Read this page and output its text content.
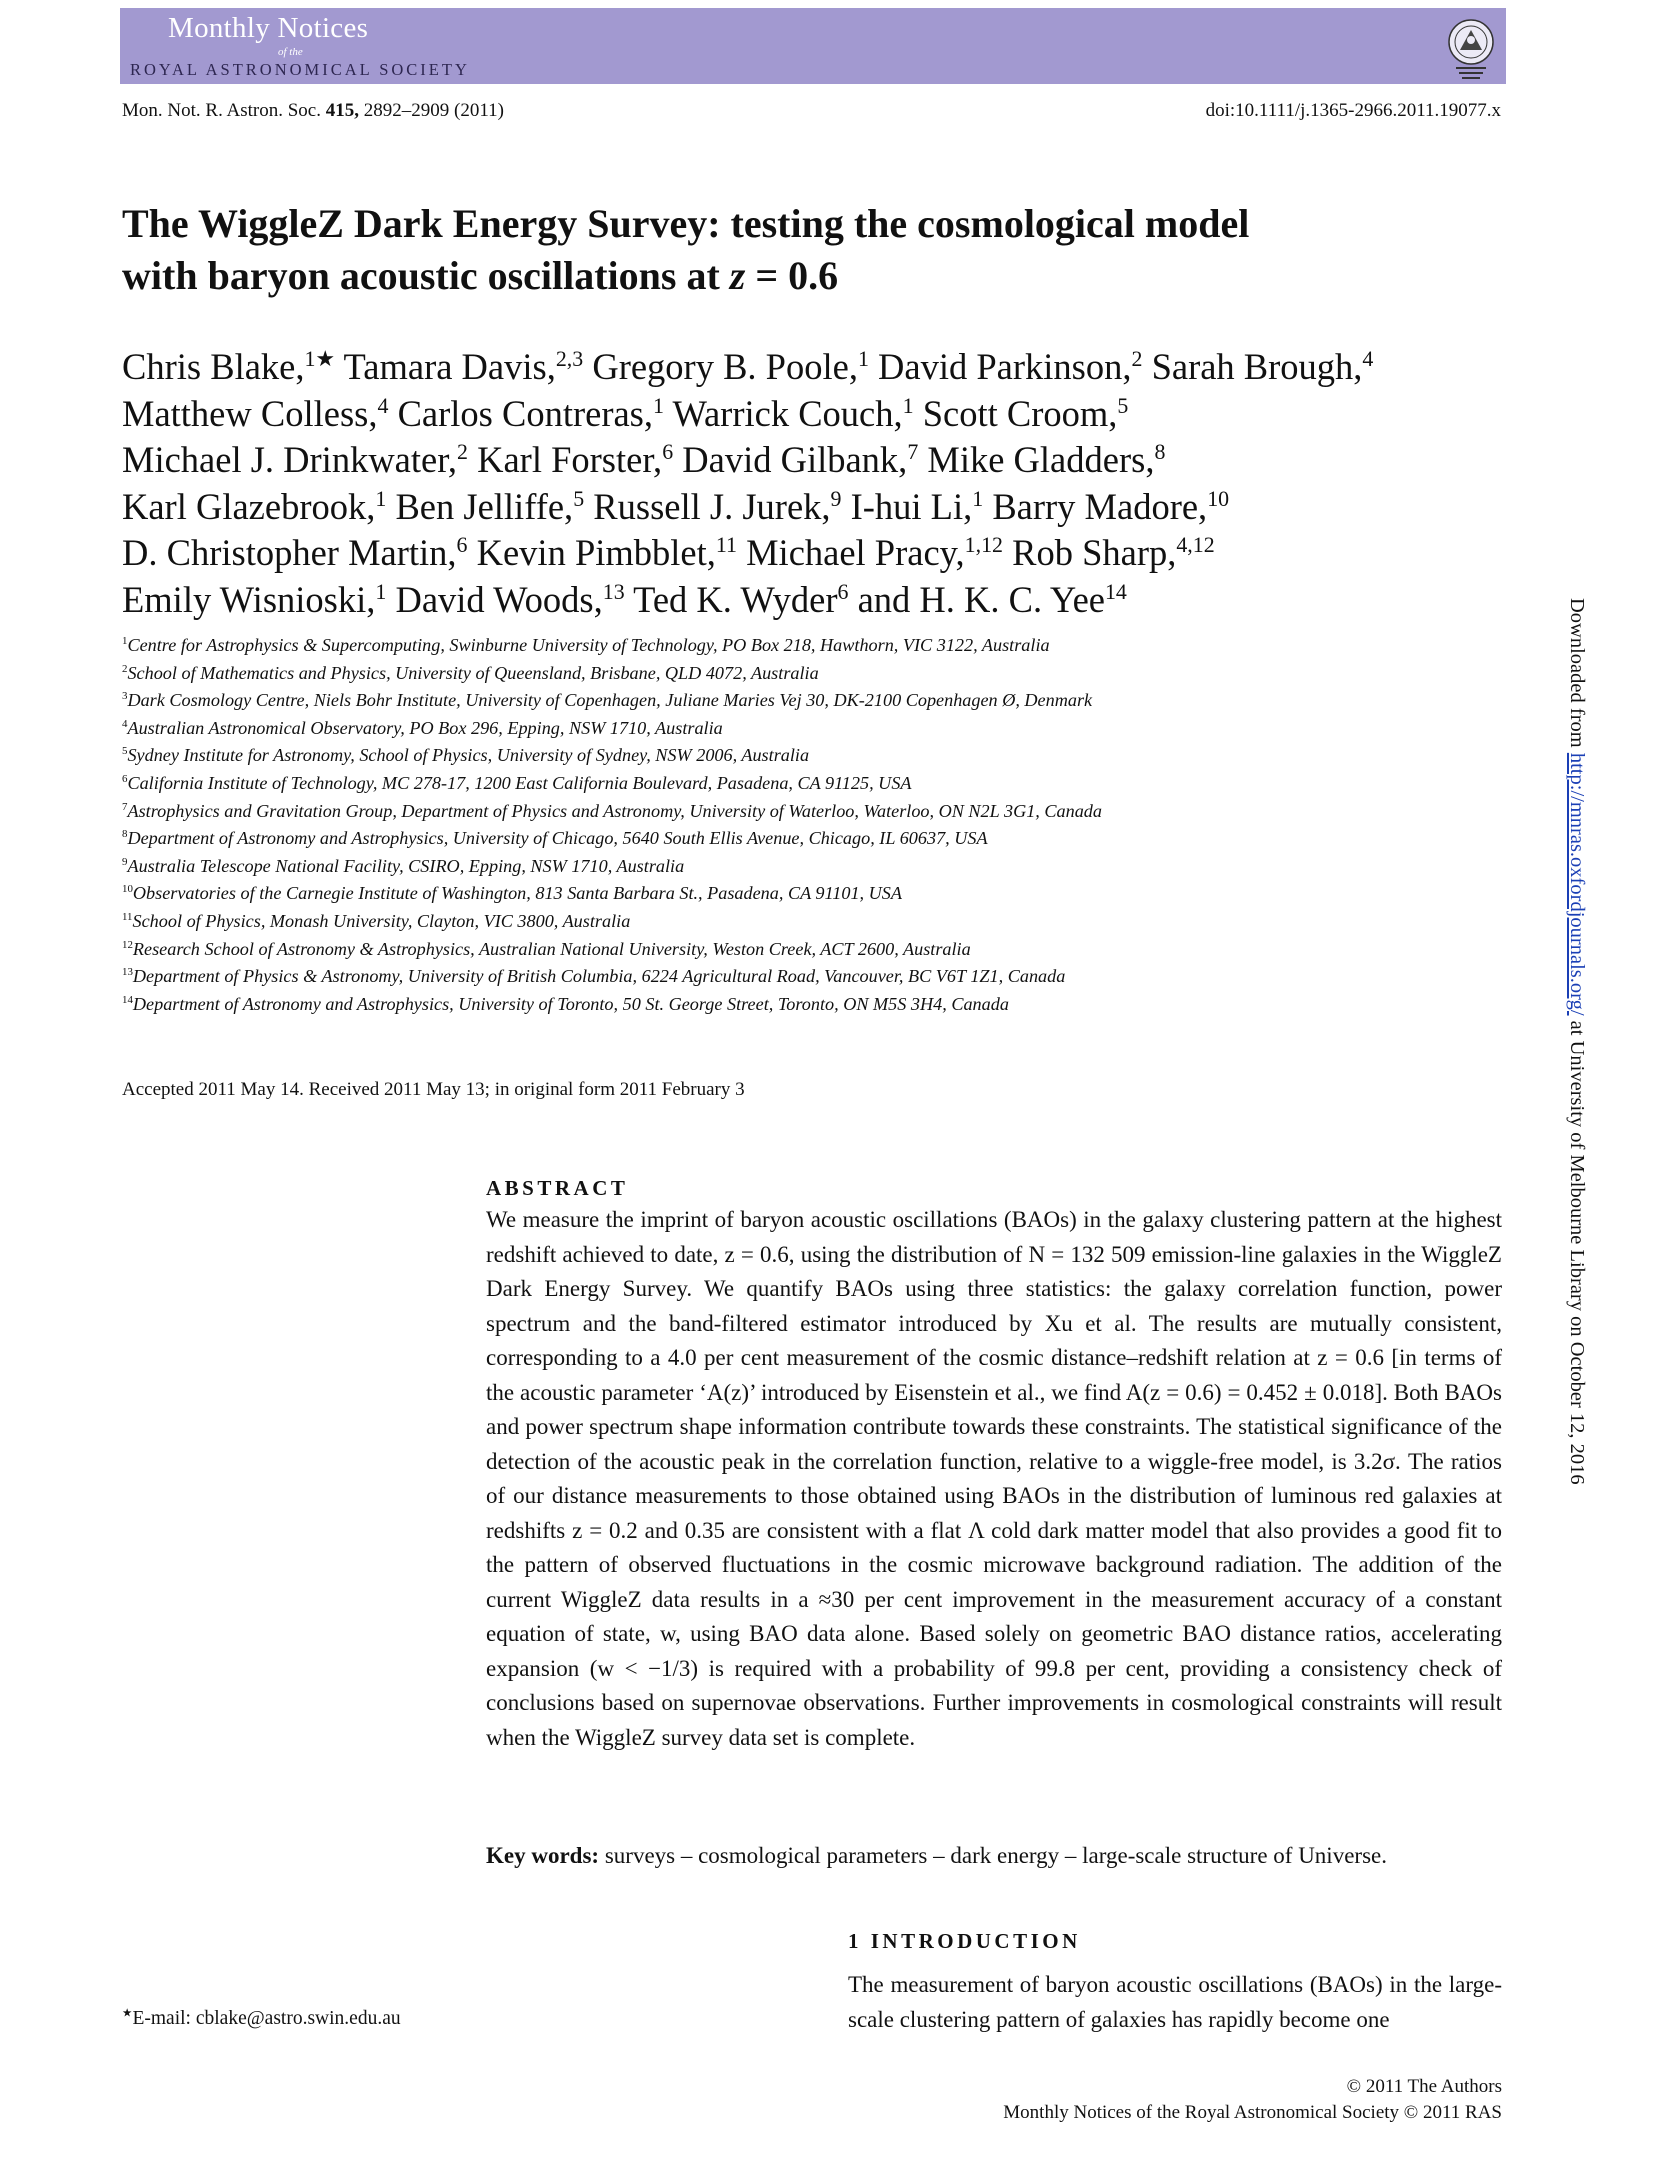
Monthly Notices
of the
ROYAL ASTRONOMICAL SOCIETY
Mon. Not. R. Astron. Soc. 415, 2892–2909 (2011)	doi:10.1111/j.1365-2966.2011.19077.x
The WiggleZ Dark Energy Survey: testing the cosmological model
with baryon acoustic oscillations at z = 0.6
Chris Blake,$^{1★}$ Tamara Davis,$^{2,3}$ Gregory B. Poole,$^1$ David Parkinson,$^2$ Sarah Brough,$^4$
Matthew Colless,$^4$ Carlos Contreras,$^1$ Warrick Couch,$^1$ Scott Croom,$^5$
Michael J. Drinkwater,$^2$ Karl Forster,$^6$ David Gilbank,$^7$ Mike Gladders,$^8$
Karl Glazebrook,$^1$ Ben Jelliffe,$^5$ Russell J. Jurek,$^9$ I-hui Li,$^1$ Barry Madore,$^{10}$
D. Christopher Martin,$^6$ Kevin Pimbblet,$^{11}$ Michael Pracy,$^{1,12}$ Rob Sharp,$^{4,12}$
Emily Wisnioski,$^1$ David Woods,$^{13}$ Ted K. Wyder$^6$ and H. K. C. Yee$^{14}$
$^1$Centre for Astrophysics & Supercomputing, Swinburne University of Technology, PO Box 218, Hawthorn, VIC 3122, Australia
$^2$School of Mathematics and Physics, University of Queensland, Brisbane, QLD 4072, Australia
$^3$Dark Cosmology Centre, Niels Bohr Institute, University of Copenhagen, Juliane Maries Vej 30, DK-2100 Copenhagen Ø, Denmark
$^4$Australian Astronomical Observatory, PO Box 296, Epping, NSW 1710, Australia
$^5$Sydney Institute for Astronomy, School of Physics, University of Sydney, NSW 2006, Australia
$^6$California Institute of Technology, MC 278-17, 1200 East California Boulevard, Pasadena, CA 91125, USA
$^7$Astrophysics and Gravitation Group, Department of Physics and Astronomy, University of Waterloo, Waterloo, ON N2L 3G1, Canada
$^8$Department of Astronomy and Astrophysics, University of Chicago, 5640 South Ellis Avenue, Chicago, IL 60637, USA
$^9$Australia Telescope National Facility, CSIRO, Epping, NSW 1710, Australia
$^{10}$Observatories of the Carnegie Institute of Washington, 813 Santa Barbara St., Pasadena, CA 91101, USA
$^{11}$School of Physics, Monash University, Clayton, VIC 3800, Australia
$^{12}$Research School of Astronomy & Astrophysics, Australian National University, Weston Creek, ACT 2600, Australia
$^{13}$Department of Physics & Astronomy, University of British Columbia, 6224 Agricultural Road, Vancouver, BC V6T 1Z1, Canada
$^{14}$Department of Astronomy and Astrophysics, University of Toronto, 50 St. George Street, Toronto, ON M5S 3H4, Canada
Accepted 2011 May 14. Received 2011 May 13; in original form 2011 February 3
ABSTRACT
We measure the imprint of baryon acoustic oscillations (BAOs) in the galaxy clustering pattern at the highest redshift achieved to date, z = 0.6, using the distribution of N = 132 509 emission-line galaxies in the WiggleZ Dark Energy Survey. We quantify BAOs using three statistics: the galaxy correlation function, power spectrum and the band-filtered estimator introduced by Xu et al. The results are mutually consistent, corresponding to a 4.0 per cent measurement of the cosmic distance–redshift relation at z = 0.6 [in terms of the acoustic parameter ‘A(z)’ introduced by Eisenstein et al., we find A(z = 0.6) = 0.452 ± 0.018]. Both BAOs and power spectrum shape information contribute towards these constraints. The statistical significance of the detection of the acoustic peak in the correlation function, relative to a wiggle-free model, is 3.2σ. The ratios of our distance measurements to those obtained using BAOs in the distribution of luminous red galaxies at redshifts z = 0.2 and 0.35 are consistent with a flat Λ cold dark matter model that also provides a good fit to the pattern of observed fluctuations in the cosmic microwave background radiation. The addition of the current WiggleZ data results in a ≈30 per cent improvement in the measurement accuracy of a constant equation of state, w, using BAO data alone. Based solely on geometric BAO distance ratios, accelerating expansion (w < −1/3) is required with a probability of 99.8 per cent, providing a consistency check of conclusions based on supernovae observations. Further improvements in cosmological constraints will result when the WiggleZ survey data set is complete.
Key words: surveys – cosmological parameters – dark energy – large-scale structure of Universe.
1 INTRODUCTION
The measurement of baryon acoustic oscillations (BAOs) in the large-scale clustering pattern of galaxies has rapidly become one
★E-mail: cblake@astro.swin.edu.au
© 2011 The Authors
Monthly Notices of the Royal Astronomical Society © 2011 RAS
Downloaded from http://mnras.oxfordjournals.org/ at University of Melbourne Library on October 12, 2016
